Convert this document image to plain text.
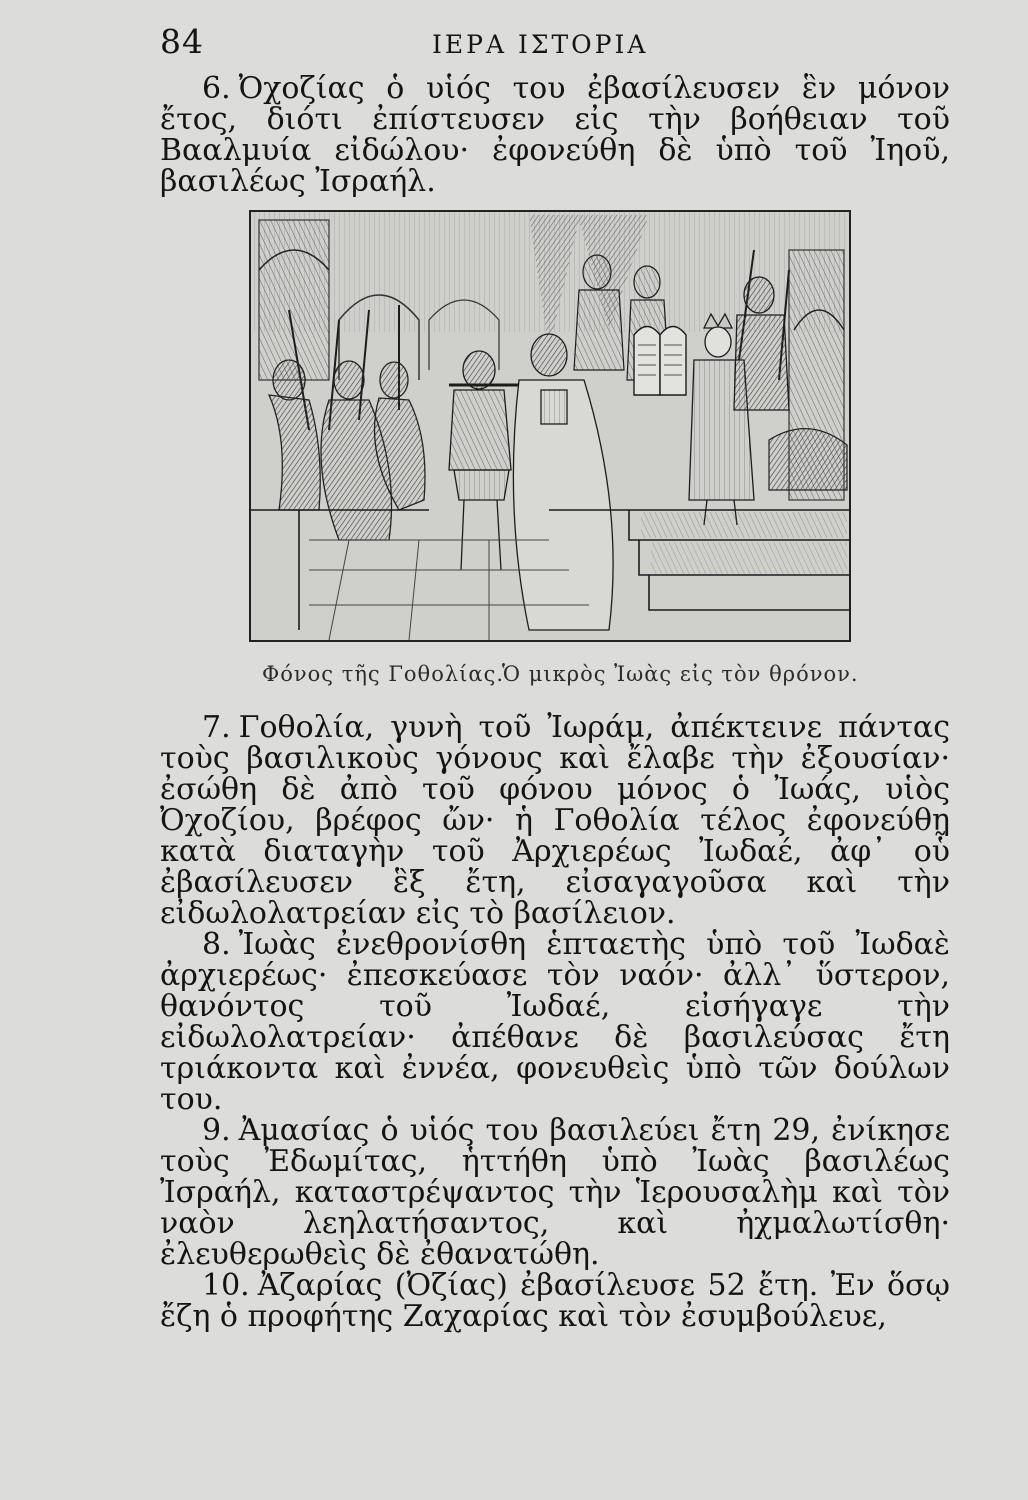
84	ΙΕΡΑ ΙΣΤΟΡΙΑ

6. Ὀχοζίας ὁ υἱός του ἐβασίλευσεν ἓν μόνον ἔτος, διότι ἐπίστευσεν εἰς τὴν βοήθειαν τοῦ Βααλμυία εἰδώλου· ἐφονεύθη δὲ ὑπὸ τοῦ Ἰηοῦ, βασιλέως Ἰσραήλ.

Φόνος τῆς Γοθολίας.
Ὁ μικρὸς Ἰωὰς εἰς τὸν θρόνον.

7. Γοθολία, γυνὴ τοῦ Ἰωράμ, ἀπέκτεινε πάντας τοὺς βασιλικοὺς γόνους καὶ ἔλαβε τὴν ἐξουσίαν· ἐσώθη δὲ ἀπὸ τοῦ φόνου μόνος ὁ Ἰωάς, υἱὸς Ὀχοζίου, βρέφος ὤν· ἡ Γοθολία τέλος ἐφονεύθη κατὰ διαταγὴν τοῦ Ἀρχιερέως Ἰωδαέ, ἀφ᾽ οὗ ἐβασίλευσεν ἓξ ἔτη, εἰσαγαγοῦσα καὶ τὴν εἰδωλολατρείαν εἰς τὸ βασίλειον.

8. Ἰωὰς ἐνεθρονίσθη ἑπταετὴς ὑπὸ τοῦ Ἰωδαὲ ἀρχιερέως· ἐπεσκεύασε τὸν ναόν· ἀλλ᾽ ὕστερον, θανόντος τοῦ Ἰωδαέ, εἰσήγαγε τὴν εἰδωλολατρείαν· ἀπέθανε δὲ βασιλεύσας ἔτη τριάκοντα καὶ ἐννέα, φονευθεὶς ὑπὸ τῶν δούλων του.

9. Ἀμασίας ὁ υἱός του βασιλεύει ἔτη 29, ἐνίκησε τοὺς Ἐδωμίτας, ἡττήθη ὑπὸ Ἰωὰς βασιλέως Ἰσραήλ, καταστρέψαντος τὴν Ἱερουσαλὴμ καὶ τὸν ναὸν λεηλατήσαντος, καὶ ἠχμαλωτίσθη· ἐλευθερωθεὶς δὲ ἐθανατώθη.

10. Ἀζαρίας (Ὀζίας) ἐβασίλευσε 52 ἔτη. Ἐν ὅσῳ ἔζη ὁ προφήτης Ζαχαρίας καὶ τὸν ἐσυμβούλευε,
